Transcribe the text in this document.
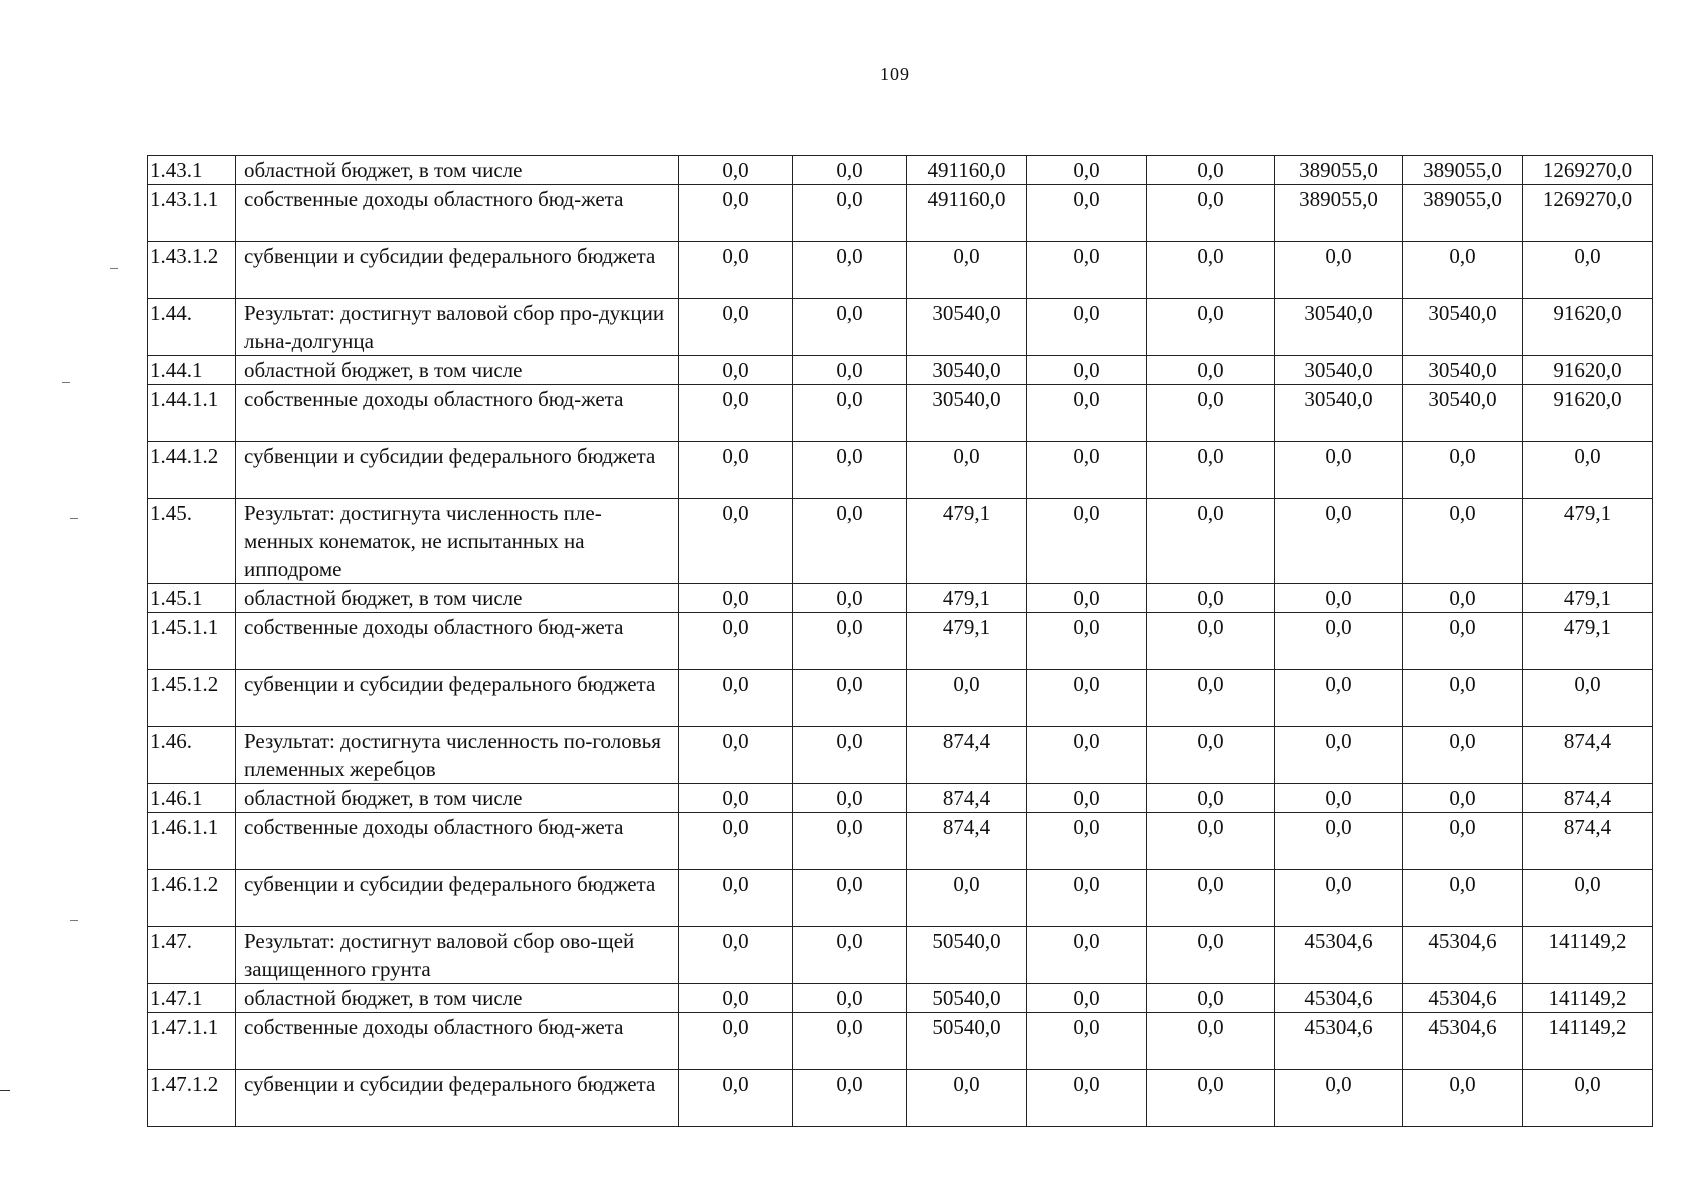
109
1.43.1	областной бюджет, в том числе	0,0	0,0	491160,0	0,0	0,0	389055,0	389055,0	1269270,0
1.43.1.1	собственные доходы областного бюд-жета	0,0	0,0	491160,0	0,0	0,0	389055,0	389055,0	1269270,0
1.43.1.2	субвенции и субсидии федерального бюджета	0,0	0,0	0,0	0,0	0,0	0,0	0,0	0,0
1.44.	Результат: достигнут валовой сбор про-дукции льна-долгунца	0,0	0,0	30540,0	0,0	0,0	30540,0	30540,0	91620,0
1.44.1	областной бюджет, в том числе	0,0	0,0	30540,0	0,0	0,0	30540,0	30540,0	91620,0
1.44.1.1	собственные доходы областного бюд-жета	0,0	0,0	30540,0	0,0	0,0	30540,0	30540,0	91620,0
1.44.1.2	субвенции и субсидии федерального бюджета	0,0	0,0	0,0	0,0	0,0	0,0	0,0	0,0
1.45.	Результат: достигнута численность пле-менных конематок, не испытанных на ипподроме	0,0	0,0	479,1	0,0	0,0	0,0	0,0	479,1
1.45.1	областной бюджет, в том числе	0,0	0,0	479,1	0,0	0,0	0,0	0,0	479,1
1.45.1.1	собственные доходы областного бюд-жета	0,0	0,0	479,1	0,0	0,0	0,0	0,0	479,1
1.45.1.2	субвенции и субсидии федерального бюджета	0,0	0,0	0,0	0,0	0,0	0,0	0,0	0,0
1.46.	Результат: достигнута численность по-головья племенных жеребцов	0,0	0,0	874,4	0,0	0,0	0,0	0,0	874,4
1.46.1	областной бюджет, в том числе	0,0	0,0	874,4	0,0	0,0	0,0	0,0	874,4
1.46.1.1	собственные доходы областного бюд-жета	0,0	0,0	874,4	0,0	0,0	0,0	0,0	874,4
1.46.1.2	субвенции и субсидии федерального бюджета	0,0	0,0	0,0	0,0	0,0	0,0	0,0	0,0
1.47.	Результат: достигнут валовой сбор ово-щей защищенного грунта	0,0	0,0	50540,0	0,0	0,0	45304,6	45304,6	141149,2
1.47.1	областной бюджет, в том числе	0,0	0,0	50540,0	0,0	0,0	45304,6	45304,6	141149,2
1.47.1.1	собственные доходы областного бюд-жета	0,0	0,0	50540,0	0,0	0,0	45304,6	45304,6	141149,2
1.47.1.2	субвенции и субсидии федерального бюджета	0,0	0,0	0,0	0,0	0,0	0,0	0,0	0,0
